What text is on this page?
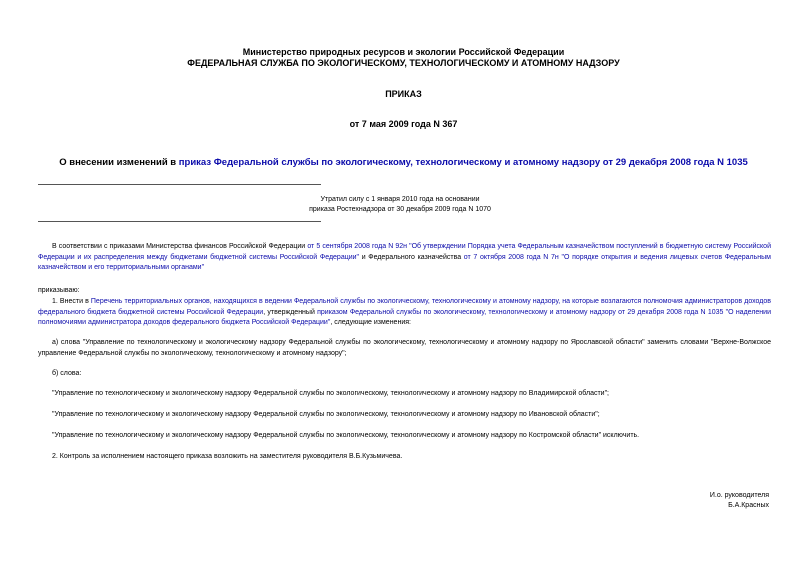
Министерство природных ресурсов и экологии Российской Федерации
ФЕДЕРАЛЬНАЯ СЛУЖБА ПО ЭКОЛОГИЧЕСКОМУ, ТЕХНОЛОГИЧЕСКОМУ И АТОМНОМУ НАДЗОРУ
ПРИКАЗ
от 7 мая 2009 года N 367
О внесении изменений в приказ Федеральной службы по экологическому, технологическому и атомному надзору от 29 декабря 2008 года N 1035
Утратил силу с 1 января 2010 года на основании
приказа Ростехнадзора от 30 декабря 2009 года N 1070
В соответствии с приказами Министерства финансов Российской Федерации от 5 сентября 2008 года N 92н "Об утверждении Порядка учета Федеральным казначейством поступлений в бюджетную систему Российской Федерации и их распределения между бюджетами бюджетной системы Российской Федерации" и Федерального казначейства от 7 октября 2008 года N 7н "О порядке открытия и ведения лицевых счетов Федеральным казначейством и его территориальными органами"
приказываю:
1. Внести в Перечень территориальных органов, находящихся в ведении Федеральной службы по экологическому, технологическому и атомному надзору, на которые возлагаются полномочия администраторов доходов федерального бюджета бюджетной системы Российской Федерации, утвержденный приказом Федеральной службы по экологическому, технологическому и атомному надзору от 29 декабря 2008 года N 1035 "О наделении полномочиями администратора доходов федерального бюджета Российской Федерации", следующие изменения:
а) слова "Управление по технологическому и экологическому надзору Федеральной службы по экологическому, технологическому и атомному надзору по Ярославской области" заменить словами "Верхне-Волжское управление Федеральной службы по экологическому, технологическому и атомному надзору";
б) слова:
"Управление по технологическому и экологическому надзору Федеральной службы по экологическому, технологическому и атомному надзору по Владимирской области";
"Управление по технологическому и экологическому надзору Федеральной службы по экологическому, технологическому и атомному надзору по Ивановской области";
"Управление по технологическому и экологическому надзору Федеральной службы по экологическому, технологическому и атомному надзору по Костромской области" исключить.
2. Контроль за исполнением настоящего приказа возложить на заместителя руководителя В.Б.Кузьмичева.
И.о. руководителя
Б.А.Красных
